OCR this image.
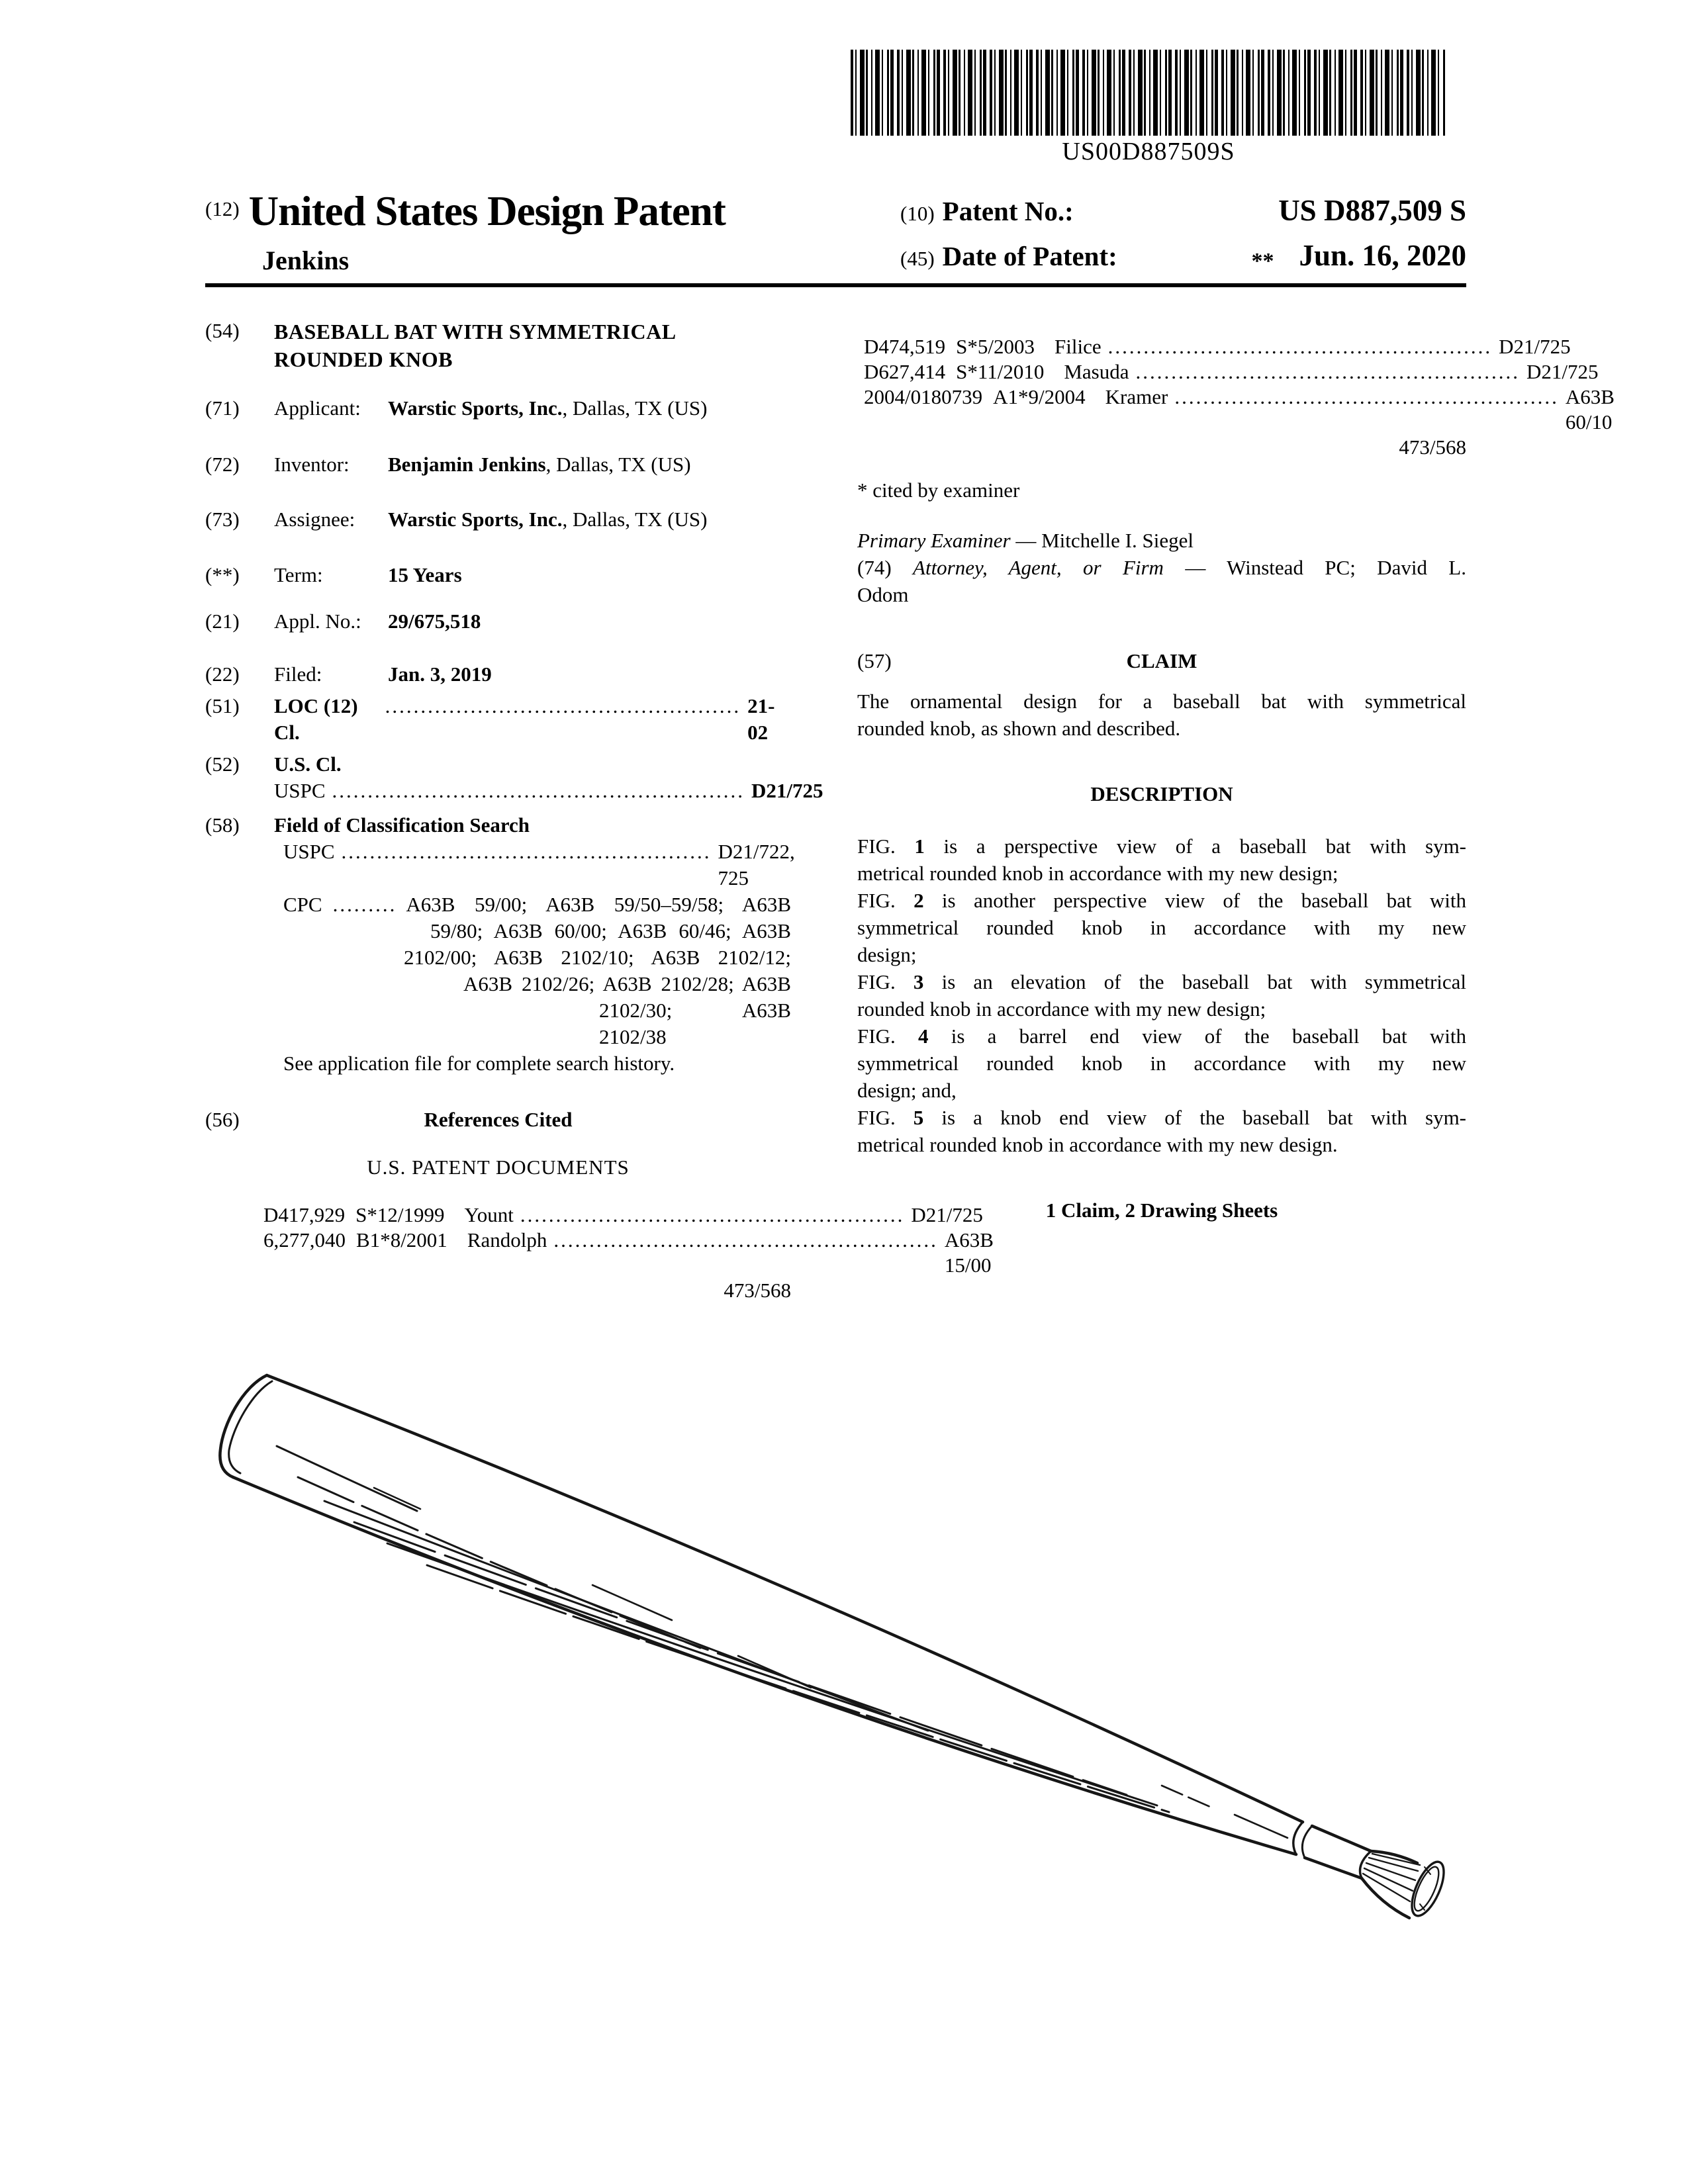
US00D887509S
(12) United States Design Patent
Jenkins
(10) Patent No.:	US D887,509 S
(45) Date of Patent:	** Jun. 16, 2020
(54)	BASEBALL BAT WITH SYMMETRICAL
ROUNDED KNOB
(71)	Applicant: Warstic Sports, Inc., Dallas, TX (US)
(72)	Inventor: Benjamin Jenkins, Dallas, TX (US)
(73)	Assignee: Warstic Sports, Inc., Dallas, TX (US)
(**)	Term:	15 Years
(21)	Appl. No.: 29/675,518
(22)	Filed:	Jan. 3, 2019
(51)	LOC (12) Cl.
.................................................. 21-02
(52)	U.S. Cl.
USPC .......................................................... D21/725
(58)	Field of Classification Search
USPC .................................................... D21/722, 725
CPC ......... A63B 59/00; A63B 59/50–59/58; A63B
59/80; A63B 60/00; A63B 60/46; A63B
2102/00; A63B 2102/10; A63B 2102/12;
A63B 2102/26; A63B 2102/28; A63B
2102/30; A63B 2102/38
See application file for complete search history.
(56)	References Cited
U.S. PATENT DOCUMENTS
D417,929 S * 12/1999 Yount ...................................................... D21/725
6,277,040 B1 * 8/2001 Randolph ...................................................... A63B 15/00
473/568
D474,519 S * 5/2003 Filice ...................................................... D21/725
D627,414 S * 11/2010 Masuda ...................................................... D21/725
2004/0180739 A1 * 9/2004 Kramer ...................................................... A63B 60/10
473/568
* cited by examiner
Primary Examiner — Mitchelle I. Siegel
(74) Attorney, Agent, or Firm — Winstead PC; David L.
Odom
(57)	CLAIM
The ornamental design for a baseball bat with symmetrical
rounded knob, as shown and described.
DESCRIPTION
FIG. 1 is a perspective view of a baseball bat with sym-
metrical rounded knob in accordance with my new design;
FIG. 2 is another perspective view of the baseball bat with
symmetrical rounded knob in accordance with my new
design;
FIG. 3 is an elevation of the baseball bat with symmetrical
rounded knob in accordance with my new design;
FIG. 4 is a barrel end view of the baseball bat with
symmetrical rounded knob in accordance with my new
design; and,
FIG. 5 is a knob end view of the baseball bat with sym-
metrical rounded knob in accordance with my new design.
1 Claim, 2 Drawing Sheets
